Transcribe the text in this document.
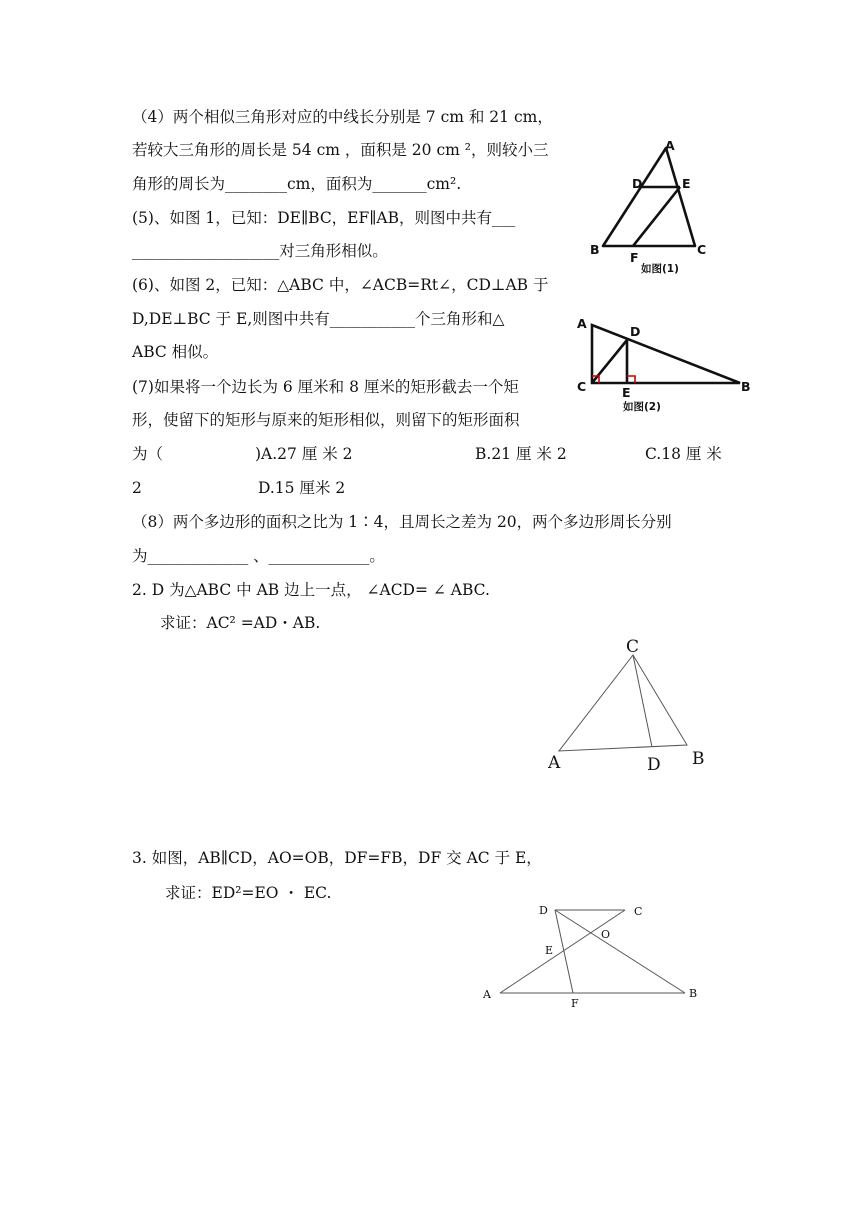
（4）两个相似三角形对应的中线长分别是 7 cm 和 21 cm，
若较大三角形的周长是 54 cm ，面积是 20 cm ²，则较小三
角形的周长为________cm，面积为_______cm².
(5)、如图 1，已知：DE∥BC，EF∥AB，则图中共有___
___________________对三角形相似。
(6)、如图 2，已知：△ABC 中，∠ACB=Rt∠，CD⊥AB 于
D,DE⊥BC 于 E,则图中共有___________个三角形和△
ABC 相似。
(7)如果将一个边长为 6 厘米和 8 厘米的矩形截去一个矩
形，使留下的矩形与原来的矩形相似，则留下的矩形面积
为（	)A.27 厘 米 2	B.21 厘 米 2	C.18 厘 米
2	D.15 厘米 2
（8）两个多边形的面积之比为 1∶4，且周长之差为 20，两个多边形周长分别
为_____________ 、_____________。
2. D 为△ABC 中 AB 边上一点， ∠ACD= ∠ ABC.
求证：AC² =AD・AB.
3. 如图，AB∥CD，AO=OB，DF=FB，DF 交 AC 于 E，
求证：ED²=EO ・ EC.
A
D	E
B
F
C
如图(1)
A
D
C	E	B
如图(2)
C
A	D B
D	C
O
E
A
F
B
